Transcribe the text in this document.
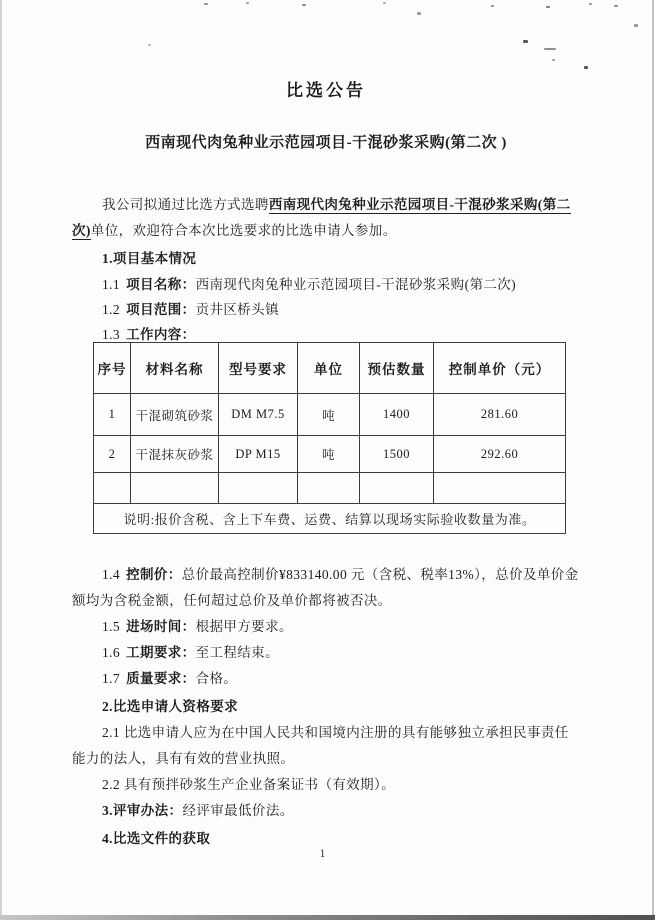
比选公告
西南现代肉兔种业示范园项目-干混砂浆采购(第二次 )

我公司拟通过比选方式选聘西南现代肉兔种业示范园项目-干混砂浆采购(第二次)单位，欢迎符合本次比选要求的比选申请人参加。

1.项目基本情况

1.1 项目名称：西南现代肉兔种业示范园项目-干混砂浆采购(第二次)

1.2 项目范围：贡井区桥头镇

1.3 工作内容：

序号	材料名称	型号要求	单位	预估数量	控制单价（元）
1	干混砌筑砂浆	DM M7.5	吨	1400	281.60
2	干混抹灰砂浆	DP M15	吨	1500	292.60

说明:报价含税、含上下车费、运费、结算以现场实际验收数量为准。					

1.4 控制价：总价最高控制价¥833140.00 元（含税、税率13%），总价及单价金额均为含税金额，任何超过总价及单价都将被否决。

1.5 进场时间：根据甲方要求。

1.6 工期要求：至工程结束。

1.7 质量要求：合格。

2.比选申请人资格要求

2.1 比选申请人应为在中国人民共和国境内注册的具有能够独立承担民事责任能力的法人，具有有效的营业执照。

2.2 具有预拌砂浆生产企业备案证书（有效期）。

3.评审办法：经评审最低价法。

4.比选文件的获取

1
